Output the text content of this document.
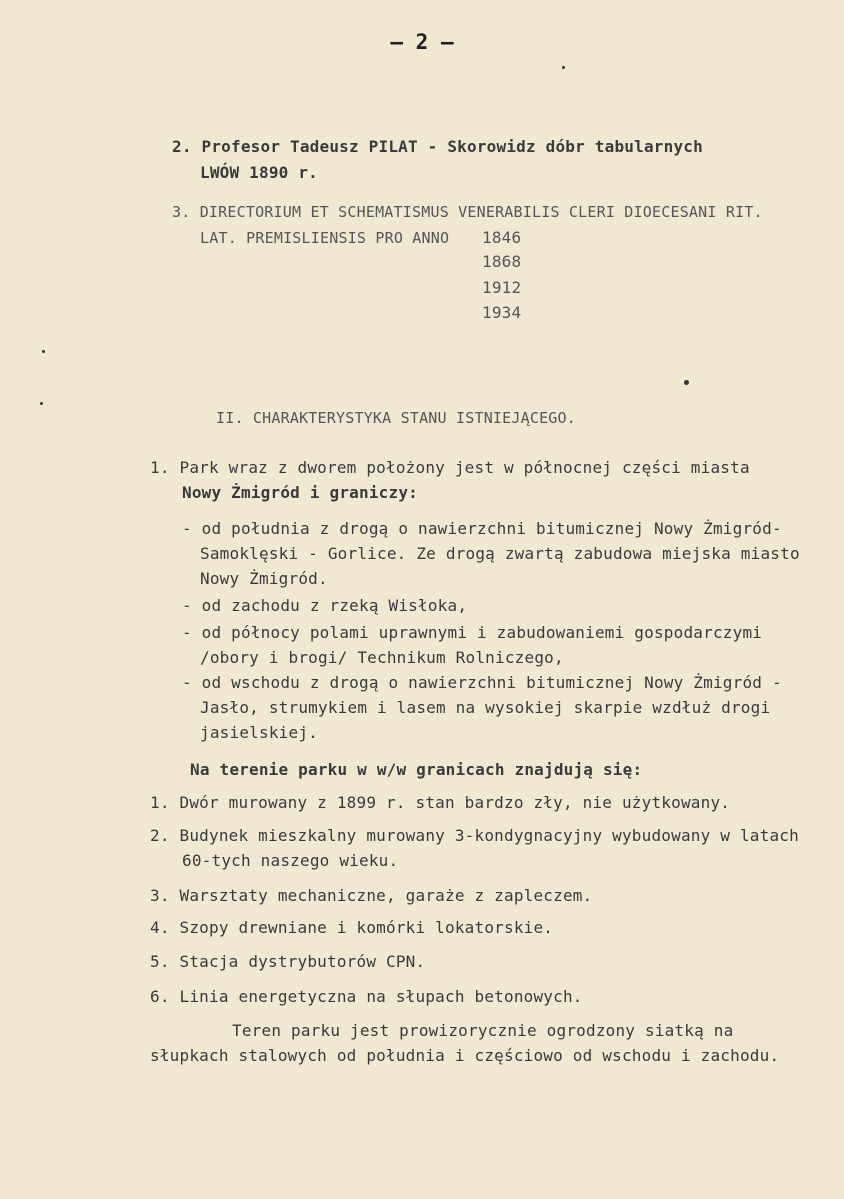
– 2 –
2. Profesor Tadeusz PILAT - Skorowidz dóbr tabularnych
LWÓW 1890 r.
3. DIRECTORIUM ET SCHEMATISMUS VENERABILIS CLERI DIOECESANI RIT.
LAT. PREMISLIENSIS PRO ANNO 1846
1868
1912
1934
II. CHARAKTERYSTYKA STANU ISTNIEJĄCEGO.
1. Park wraz z dworem położony jest w północnej części miasta
Nowy Żmigród i graniczy:
- od południa z drogą o nawierzchni bitumicznej Nowy Żmigród-
Samoklęski - Gorlice. Ze drogą zwartą zabudowa miejska miasto
Nowy Żmigród.
- od zachodu z rzeką Wisłoka,
- od północy polami uprawnymi i zabudowaniemi gospodarczymi
/obory i brogi/ Technikum Rolniczego,
- od wschodu z drogą o nawierzchni bitumicznej Nowy Żmigród -
Jasło, strumykiem i lasem na wysokiej skarpie wzdłuż drogi
jasielskiej.
Na terenie parku w w/w granicach znajdują się:
1. Dwór murowany z 1899 r. stan bardzo zły, nie użytkowany.
2. Budynek mieszkalny murowany 3-kondygnacyjny wybudowany w latach
60-tych naszego wieku.
3. Warsztaty mechaniczne, garaże z zapleczem.
4. Szopy drewniane i komórki lokatorskie.
5. Stacja dystrybutorów CPN.
6. Linia energetyczna na słupach betonowych.
Teren parku jest prowizorycznie ogrodzony siatką na
słupkach stalowych od południa i częściowo od wschodu i zachodu.
